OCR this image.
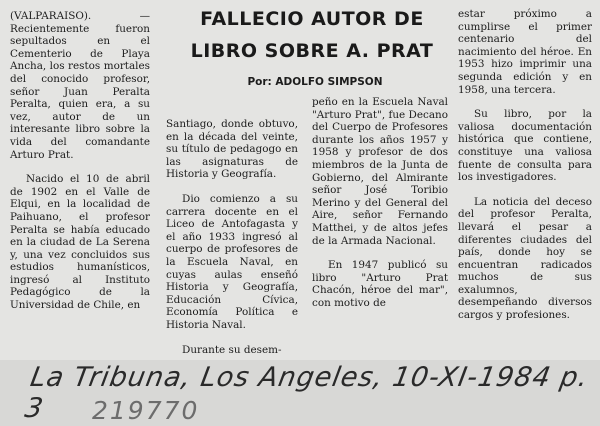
FALLECIO AUTOR DE
LIBRO SOBRE A. PRAT

Por: ADOLFO SIMPSON

(VALPARAISO). — Recientemente fueron sepultados en el Cementerio de Playa Ancha, los restos mortales del conocido profesor, señor Juan Peralta Peralta, quien era, a su vez, autor de un interesante libro sobre la vida del comandante Arturo Prat.

Nacido el 10 de abril de 1902 en el Valle de Elqui, en la localidad de Paihuano, el profesor Peralta se había educado en la ciudad de La Serena y, una vez concluidos sus estudios humanísticos, ingresó al Instituto Pedagógico de la Universidad de Chile, en

Santiago, donde obtuvo, en la década del veinte, su título de pedagogo en las asignaturas de Historia y Geografía.

Dio comienzo a su carrera docente en el Liceo de Antofagasta y el año 1933 ingresó al cuerpo de profesores de la Escuela Naval, en cuyas aulas enseñó Historia y Geografía, Educación Cívica, Economía Política e Historia Naval.

Durante su desem-

peño en la Escuela Naval "Arturo Prat", fue Decano del Cuerpo de Profesores durante los años 1957 y 1958 y profesor de dos miembros de la Junta de Gobierno, del Almirante señor José Toribio Merino y del General del Aire, señor Fernando Matthei, y de altos jefes de la Armada Nacional.

En 1947 publicó su libro "Arturo Prat Chacón, héroe del mar", con motivo de

estar próximo a cumplirse el primer centenario del nacimiento del héroe. En 1953 hizo imprimir una segunda edición y en 1958, una tercera.

Su libro, por la valiosa documentación histórica que contiene, constituye una valiosa fuente de consulta para los investigadores.

La noticia del deceso del profesor Peralta, llevará el pesar a diferentes ciudades del país, donde hoy se encuentran radicados muchos de sus exalumnos, desempeñando diversos cargos y profesiones.

La Tribuna, Los Angeles, 10-XI-1984 p. 3	219770
